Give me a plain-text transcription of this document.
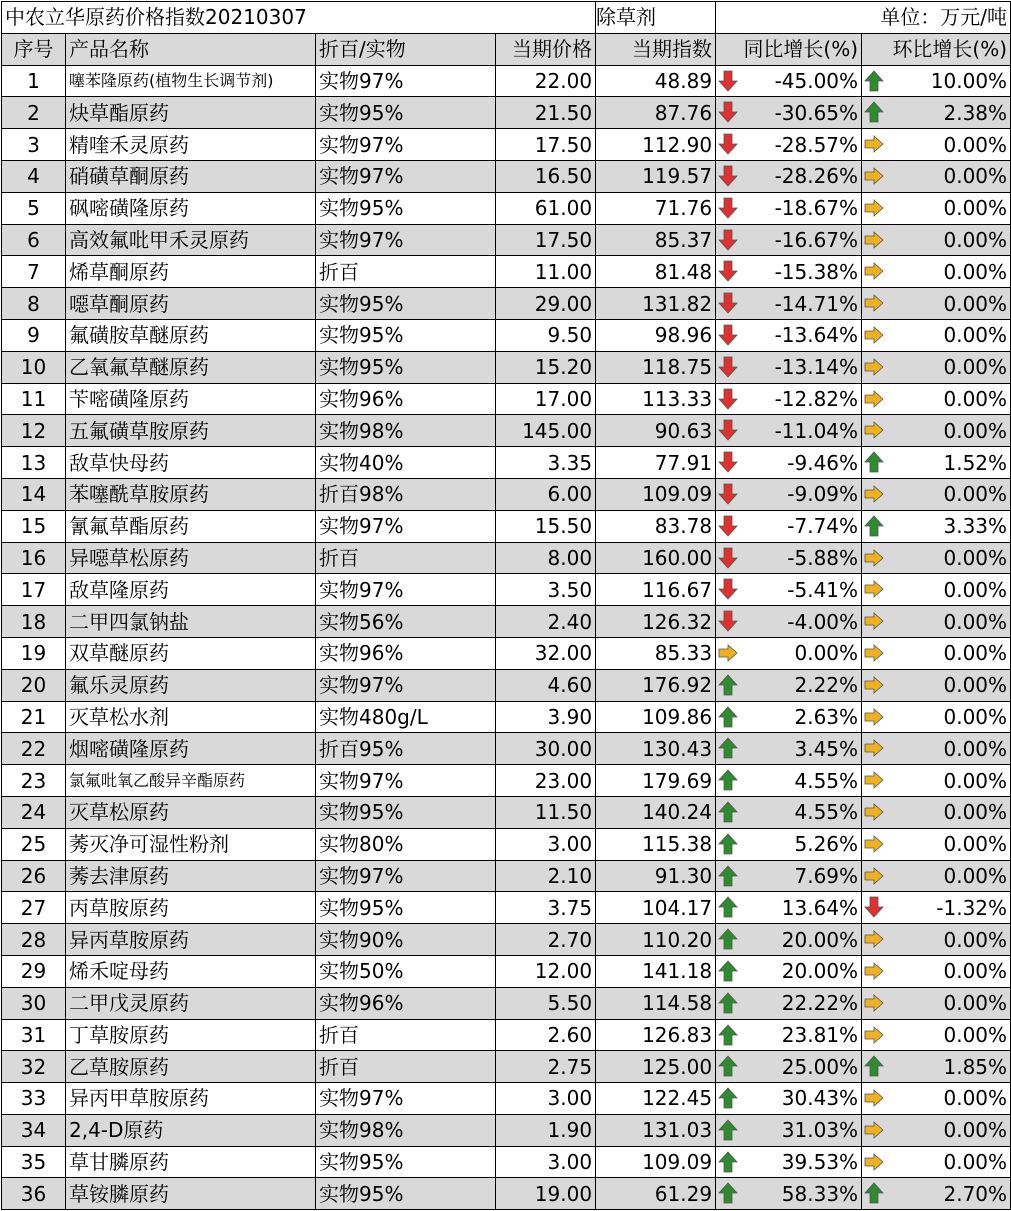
中农立华原药价格指数20210307				除草剂	单位：万元/吨	
序号	产品名称	折百/实物	当期价格	当期指数	同比增长(%)	环比增长(%)
1	噻苯隆原药(植物生长调节剂)	实物97%	22.00	48.89	-45.00%	10.00%

2	炔草酯原药	实物95%	21.50	87.76	-30.65%	2.38%

3	精喹禾灵原药	实物97%	17.50	112.90	-28.57%	0.00%

4	硝磺草酮原药	实物97%	16.50	119.57	-28.26%	0.00%

5	砜嘧磺隆原药	实物95%	61.00	71.76	-18.67%	0.00%

6	高效氟吡甲禾灵原药	实物97%	17.50	85.37	-16.67%	0.00%

7	烯草酮原药	折百	11.00	81.48	-15.38%	0.00%

8	噁草酮原药	实物95%	29.00	131.82	-14.71%	0.00%

9	氟磺胺草醚原药	实物95%	9.50	98.96	-13.64%	0.00%

10	乙氧氟草醚原药	实物95%	15.20	118.75	-13.14%	0.00%

11	苄嘧磺隆原药	实物96%	17.00	113.33	-12.82%	0.00%

12	五氟磺草胺原药	实物98%	145.00	90.63	-11.04%	0.00%

13	敌草快母药	实物40%	3.35	77.91	-9.46%	1.52%

14	苯噻酰草胺原药	折百98%	6.00	109.09	-9.09%	0.00%

15	氰氟草酯原药	实物97%	15.50	83.78	-7.74%	3.33%

16	异噁草松原药	折百	8.00	160.00	-5.88%	0.00%

17	敌草隆原药	实物97%	3.50	116.67	-5.41%	0.00%

18	二甲四氯钠盐	实物56%	2.40	126.32	-4.00%	0.00%

19	双草醚原药	实物96%	32.00	85.33	0.00%	0.00%

20	氟乐灵原药	实物97%	4.60	176.92	2.22%	0.00%

21	灭草松水剂	实物480g/L	3.90	109.86	2.63%	0.00%

22	烟嘧磺隆原药	折百95%	30.00	130.43	3.45%	0.00%

23	氯氟吡氧乙酸异辛酯原药	实物97%	23.00	179.69	4.55%	0.00%

24	灭草松原药	实物95%	11.50	140.24	4.55%	0.00%

25	莠灭净可湿性粉剂	实物80%	3.00	115.38	5.26%	0.00%

26	莠去津原药	实物97%	2.10	91.30	7.69%	0.00%

27	丙草胺原药	实物95%	3.75	104.17	13.64%	-1.32%

28	异丙草胺原药	实物90%	2.70	110.20	20.00%	0.00%

29	烯禾啶母药	实物50%	12.00	141.18	20.00%	0.00%

30	二甲戊灵原药	实物96%	5.50	114.58	22.22%	0.00%

31	丁草胺原药	折百	2.60	126.83	23.81%	0.00%

32	乙草胺原药	折百	2.75	125.00	25.00%	1.85%

33	异丙甲草胺原药	实物97%	3.00	122.45	30.43%	0.00%

34	2,4-D原药	实物98%	1.90	131.03	31.03%	0.00%

35	草甘膦原药	实物95%	3.00	109.09	39.53%	0.00%

36	草铵膦原药	实物95%	19.00	61.29	58.33%	2.70%
